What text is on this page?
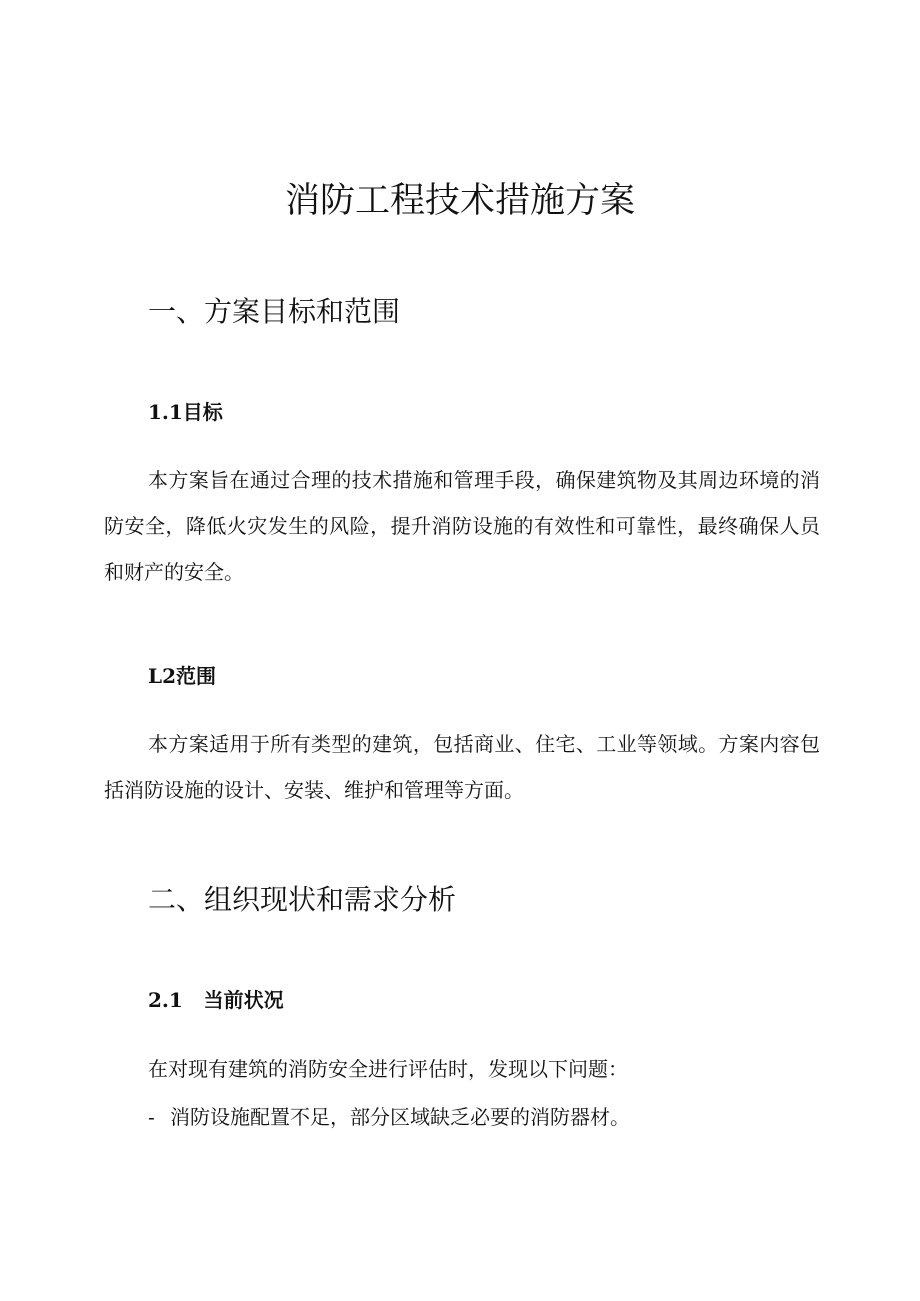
消防工程技术措施方案
一、方案目标和范围
1.1目标

本方案旨在通过合理的技术措施和管理手段，确保建筑物及其周边环境的消防安全，降低火灾发生的风险，提升消防设施的有效性和可靠性，最终确保人员和财产的安全。

L2范围

本方案适用于所有类型的建筑，包括商业、住宅、工业等领域。方案内容包括消防设施的设计、安装、维护和管理等方面。

二、组织现状和需求分析
2.1   当前状况

在对现有建筑的消防安全进行评估时，发现以下问题：

- 消防设施配置不足，部分区域缺乏必要的消防器材。
